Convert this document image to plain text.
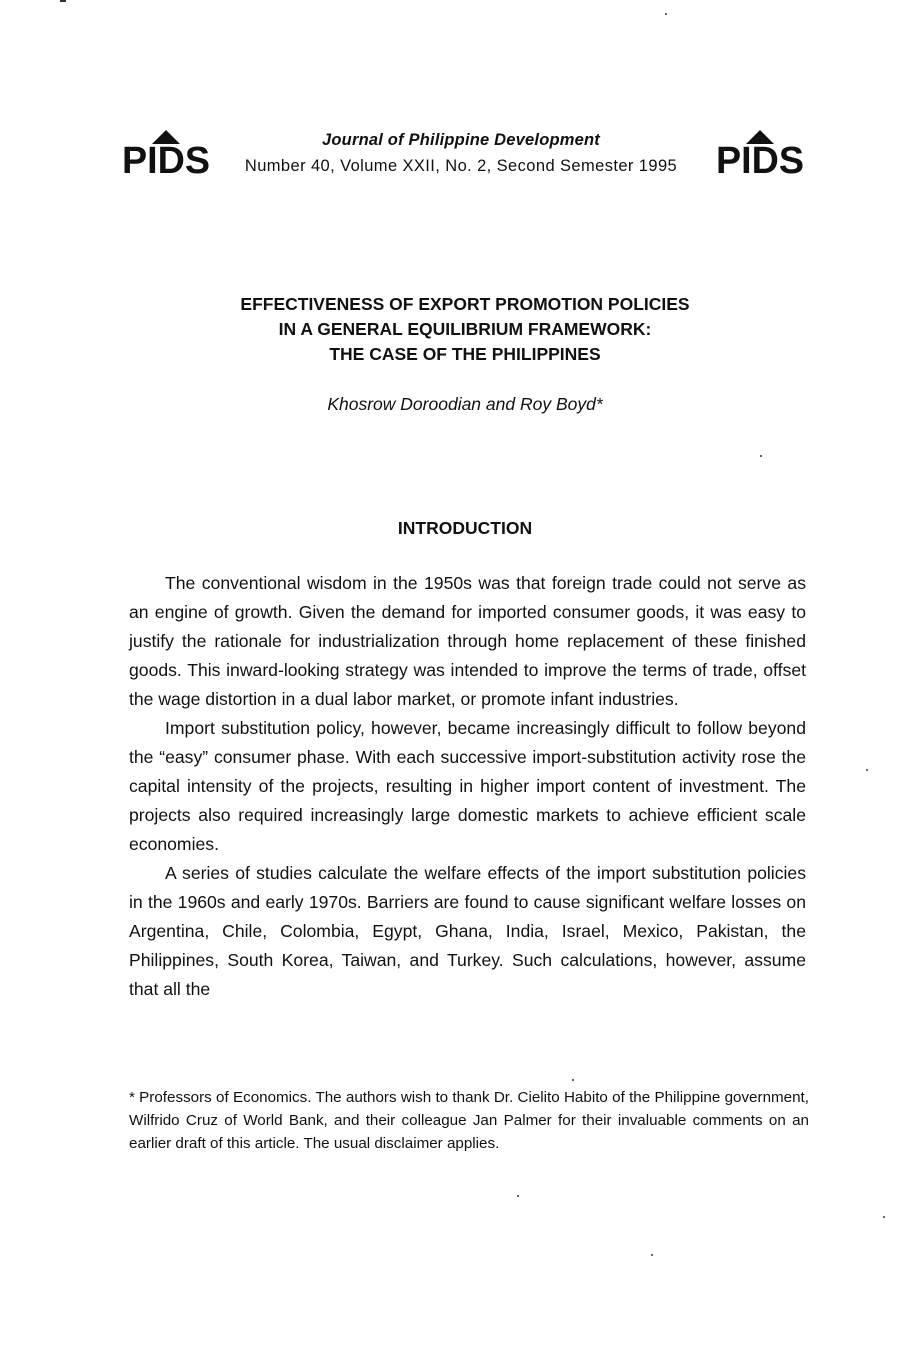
PIDS	Journal of Philippine Development
Number 40, Volume XXII, No. 2, Second Semester 1995	PIDS
EFFECTIVENESS OF EXPORT PROMOTION POLICIES
IN A GENERAL EQUILIBRIUM FRAMEWORK:
THE CASE OF THE PHILIPPINES
Khosrow Doroodian and Roy Boyd*
INTRODUCTION

The conventional wisdom in the 1950s was that foreign trade could not serve as an engine of growth. Given the demand for imported consumer goods, it was easy to justify the rationale for industrialization through home replacement of these finished goods. This inward-looking strategy was intended to improve the terms of trade, offset the wage distortion in a dual labor market, or promote infant industries.

Import substitution policy, however, became increasingly difficult to follow beyond the “easy” consumer phase. With each successive import-substitution activity rose the capital intensity of the projects, resulting in higher import content of investment. The projects also required increasingly large domestic markets to achieve efficient scale economies.

A series of studies calculate the welfare effects of the import substitution policies in the 1960s and early 1970s. Barriers are found to cause significant welfare losses on Argentina, Chile, Colombia, Egypt, Ghana, India, Israel, Mexico, Pakistan, the Philippines, South Korea, Taiwan, and Turkey. Such calculations, however, assume that all the

* Professors of Economics. The authors wish to thank Dr. Cielito Habito of the Philippine government, Wilfrido Cruz of World Bank, and their colleague Jan Palmer for their invaluable comments on an earlier draft of this article. The usual disclaimer applies.
